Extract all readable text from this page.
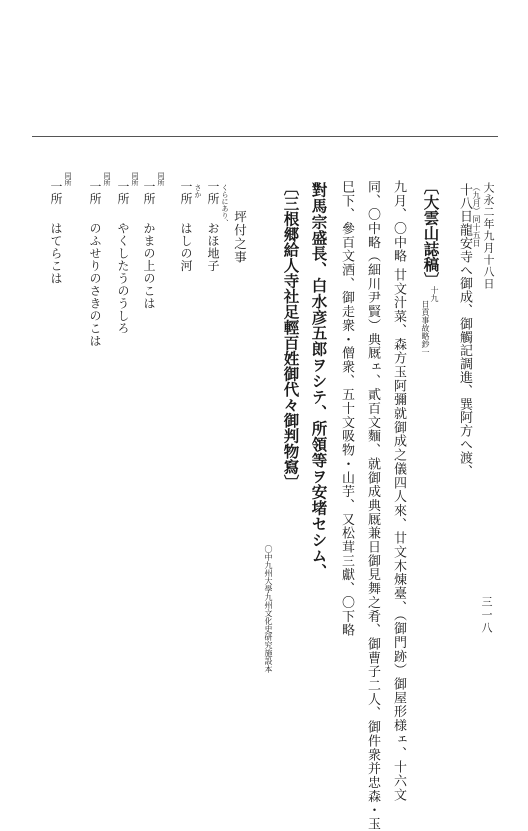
大永二年九月十八日
三一八
（九月）同十五日
十八日龍安寺へ御成、御觸記調進、巽阿方へ渡、
〔大雲山誌稿〕
十九
日貢事故略鈔一
九月、〇中略 廿文汁菜、森方玉阿彌就御成之儀四人來、廿文木煉臺、（御門跡）御屋形様ェ、十六文
同、〇中略（細川尹賢）典厩ェ、貳百文麵、就御成典厩兼日御見舞之肴、御曹子二人、御件衆并忠森・玉
巳下、參百文酒、御走衆・僧衆、五十文吸物・山芋、又松茸三獻、〇下略
對馬宗盛長、白水彦五郎ヲシテ、所領等ヲ安堵セシム、
〔三根郷給人寺社足輕百姓御代々御判物寫〕
〇中九州大學九州文化史研究施設本
坪付之事
くらにあり、
一所
おほ地子
さか
一所
はしの河
同所
一所
かまの上のこは
同所
一所
やくしたうのうしろ
同所
一所
のふせりのさきのこは
同所
一所
はてらこは
